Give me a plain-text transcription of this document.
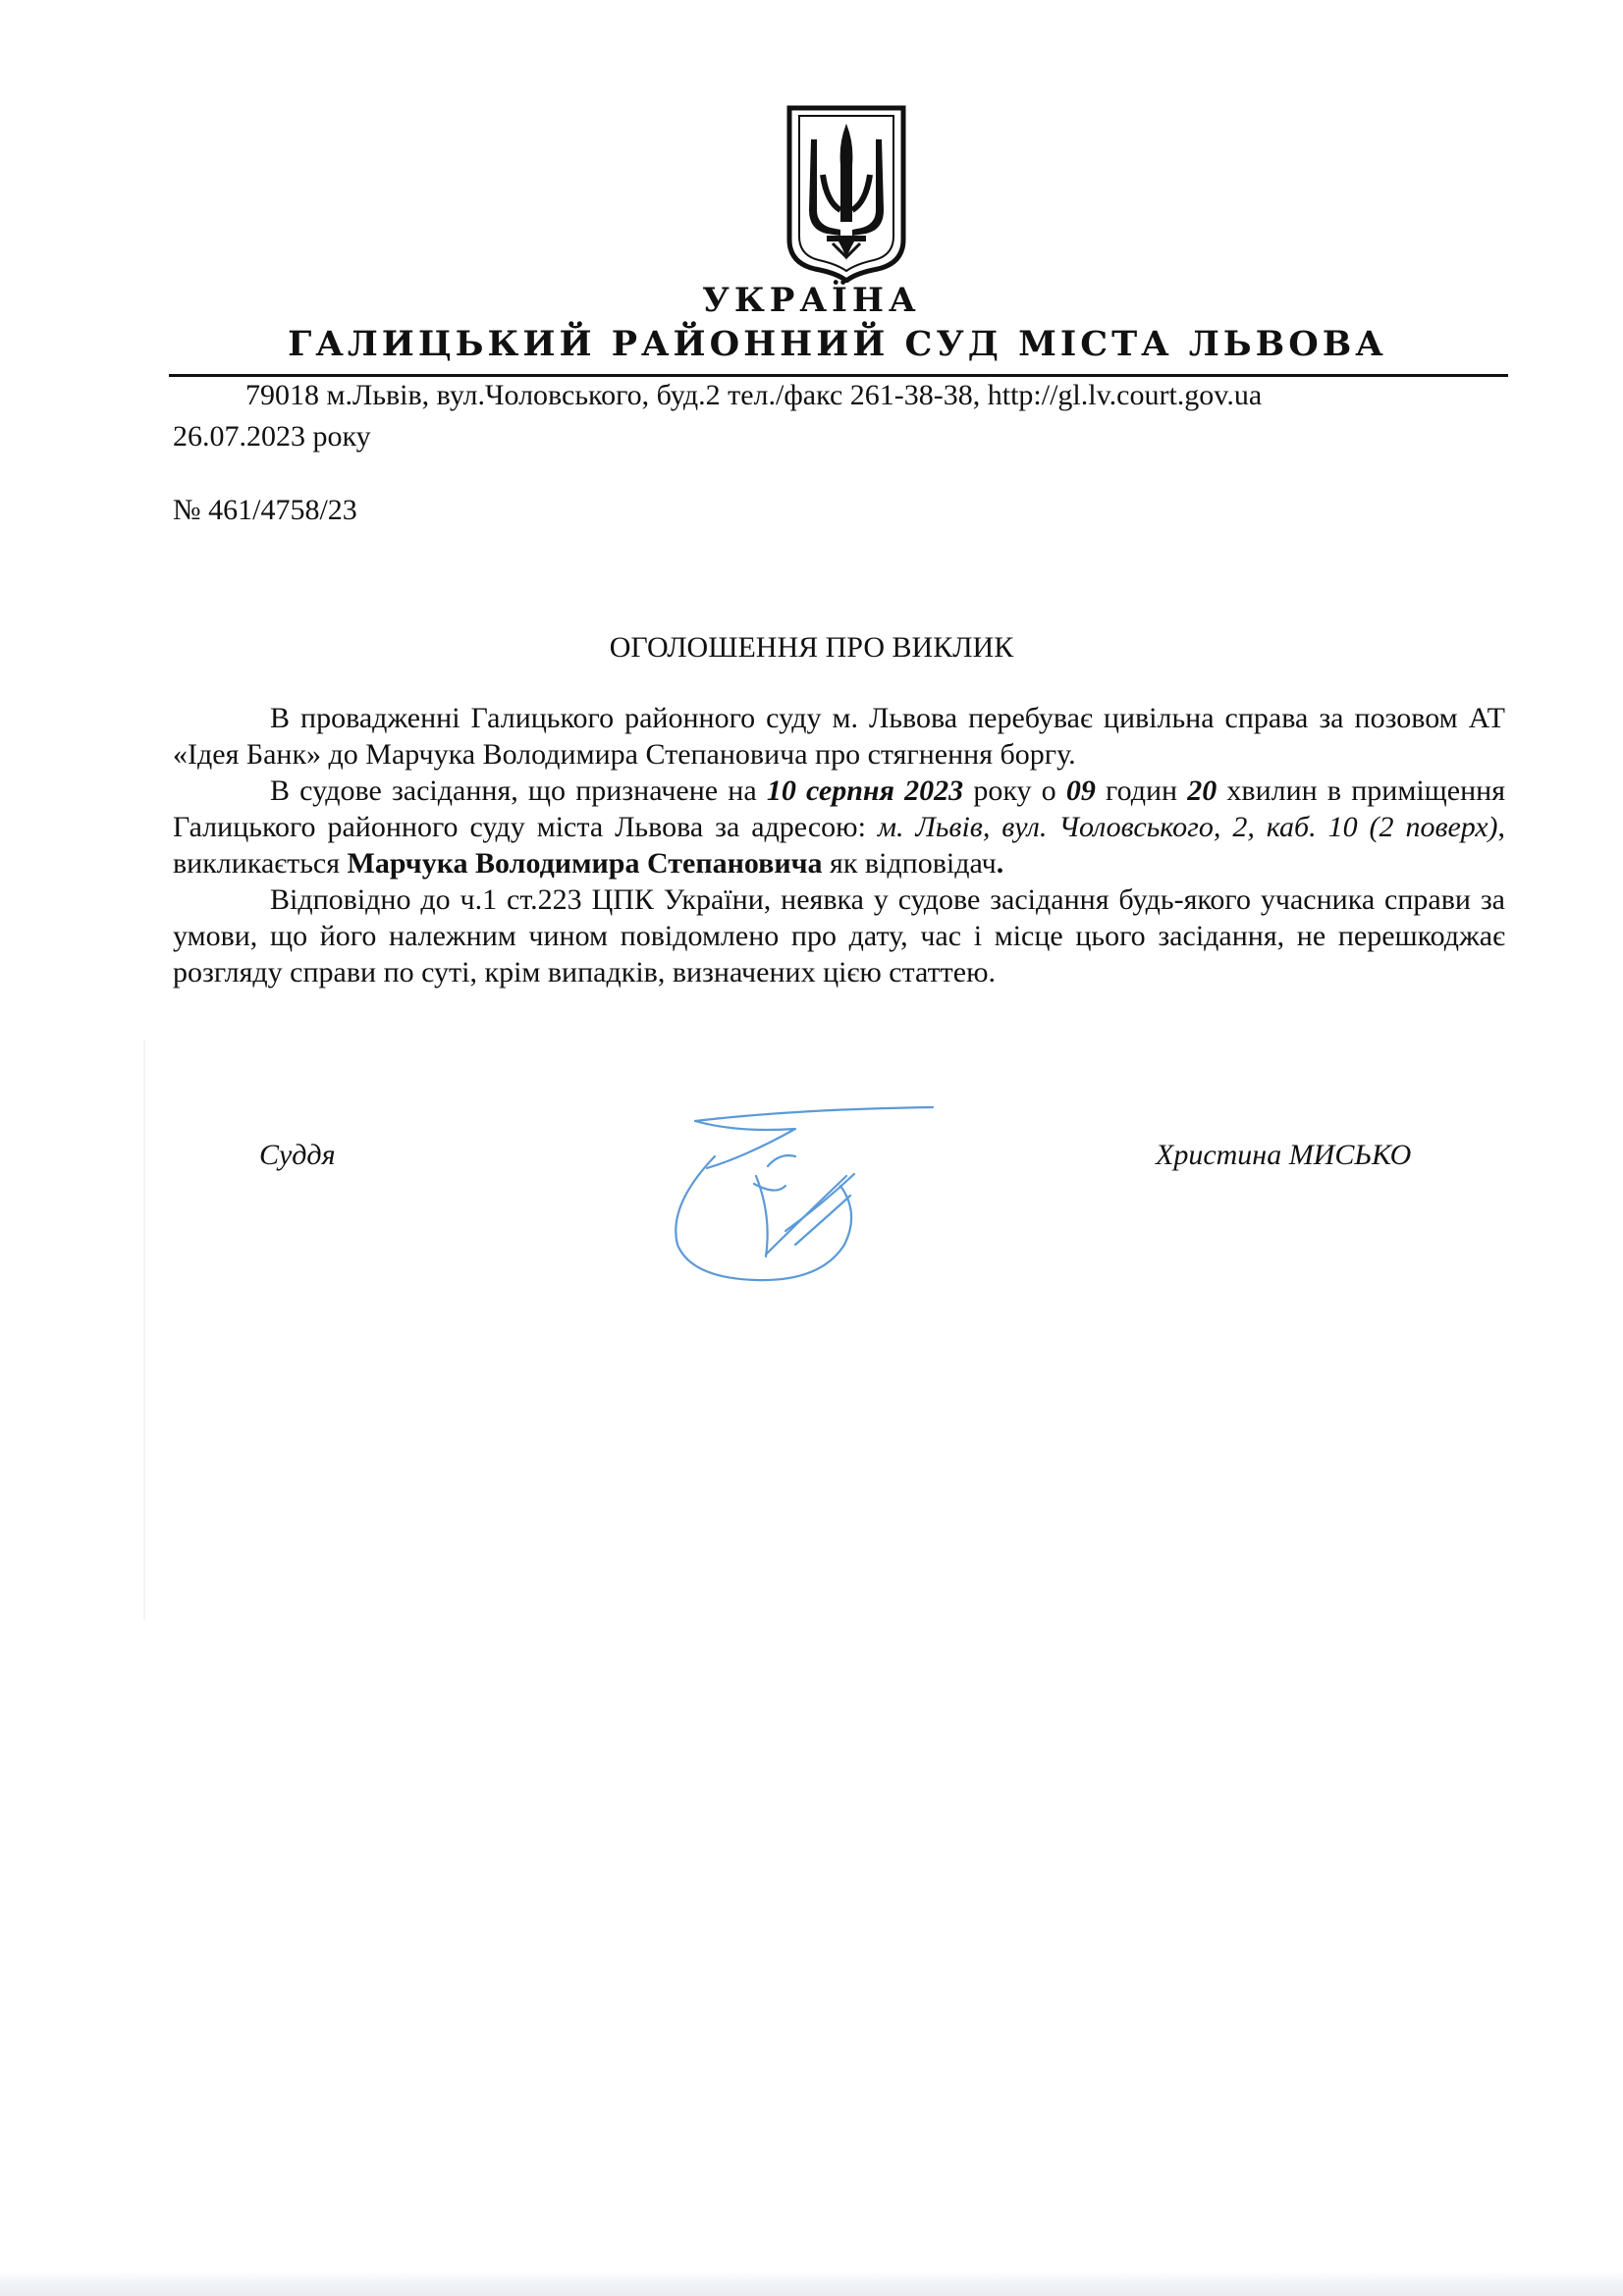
УКРАЇНА
ГАЛИЦЬКИЙ РАЙОННИЙ СУД МІСТА ЛЬВОВА
79018 м.Львів, вул.Чоловського, буд.2 тел./факс 261-38-38, http://gl.lv.court.gov.ua
26.07.2023 року
№ 461/4758/23
ОГОЛОШЕННЯ ПРО ВИКЛИК

В провадженні Галицького районного суду м. Львова перебуває цивільна справа за позовом АТ «Ідея Банк» до Марчука Володимира Степановича про стягнення боргу.

В судове засідання, що призначене на 10 серпня 2023 року о 09 годин 20 хвилин в приміщення Галицького районного суду міста Львова за адресою: м. Львів, вул. Чоловського, 2, каб. 10 (2 поверх), викликається Марчука Володимира Степановича як відповідач.

Відповідно до ч.1 ст.223 ЦПК України, неявка у судове засідання будь-якого учасника справи за умови, що його належним чином повідомлено про дату, час і місце цього засідання, не перешкоджає розгляду справи по суті, крім випадків, визначених цією статтею.

Суддя	Христина МИСЬКО
